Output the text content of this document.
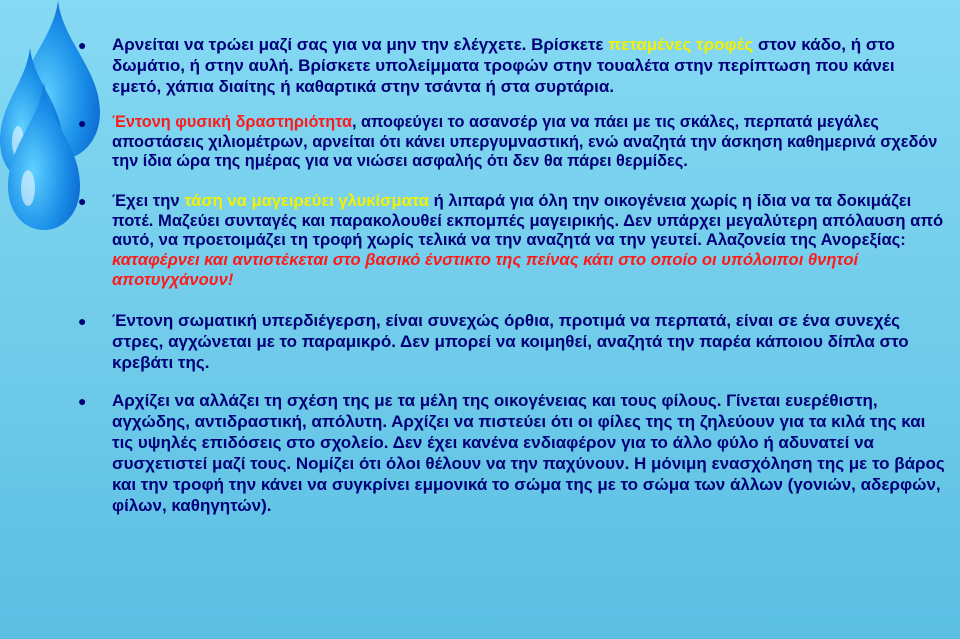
● Αρνείται να τρώει μαζί σας για να μην την ελέγχετε. Βρίσκετε πεταμένες τροφές στον κάδο, ή στο δωμάτιο, ή στην αυλή. Βρίσκετε υπολείμματα τροφών στην τουαλέτα στην περίπτωση που κάνει εμετό, χάπια διαίτης ή καθαρτικά στην τσάντα ή στα συρτάρια.
● Έντονη φυσική δραστηριότητα, αποφεύγει το ασανσέρ για να πάει με τις σκάλες, περπατά μεγάλες αποστάσεις χιλιομέτρων, αρνείται ότι κάνει υπεργυμναστική, ενώ αναζητά την άσκηση καθημερινά σχεδόν την ίδια ώρα της ημέρας για να νιώσει ασφαλής ότι δεν θα πάρει θερμίδες.
● Έχει την τάση να μαγειρεύει γλυκίσματα ή λιπαρά για όλη την οικογένεια χωρίς η ίδια να τα δοκιμάζει ποτέ. Μαζεύει συνταγές και παρακολουθεί εκπομπές μαγειρικής. Δεν υπάρχει μεγαλύτερη απόλαυση από αυτό, να προετοιμάζει τη τροφή χωρίς τελικά να την αναζητά να την γευτεί. Αλαζονεία της Ανορεξίας: καταφέρνει και αντιστέκεται στο βασικό ένστικτο της πείνας κάτι στο οποίο οι υπόλοιποι θνητοί αποτυγχάνουν!
● Έντονη σωματική υπερδιέγερση, είναι συνεχώς όρθια, προτιμά να περπατά, είναι σε ένα συνεχές στρες, αγχώνεται με το παραμικρό. Δεν μπορεί να κοιμηθεί, αναζητά την παρέα κάποιου δίπλα στο κρεβάτι της.
● Αρχίζει να αλλάζει τη σχέση της με τα μέλη της οικογένειας και τους φίλους. Γίνεται ευερέθιστη, αγχώδης, αντιδραστική, απόλυτη. Αρχίζει να πιστεύει ότι οι φίλες της τη ζηλεύουν για τα κιλά της και τις υψηλές επιδόσεις στο σχολείο. Δεν έχει κανένα ενδιαφέρον για το άλλο φύλο ή αδυνατεί να συσχετιστεί μαζί τους. Νομίζει ότι όλοι θέλουν να την παχύνουν. Η μόνιμη ενασχόληση της με το βάρος και την τροφή την κάνει να συγκρίνει εμμονικά το σώμα της με το σώμα των άλλων (γονιών, αδερφών, φίλων, καθηγητών).
